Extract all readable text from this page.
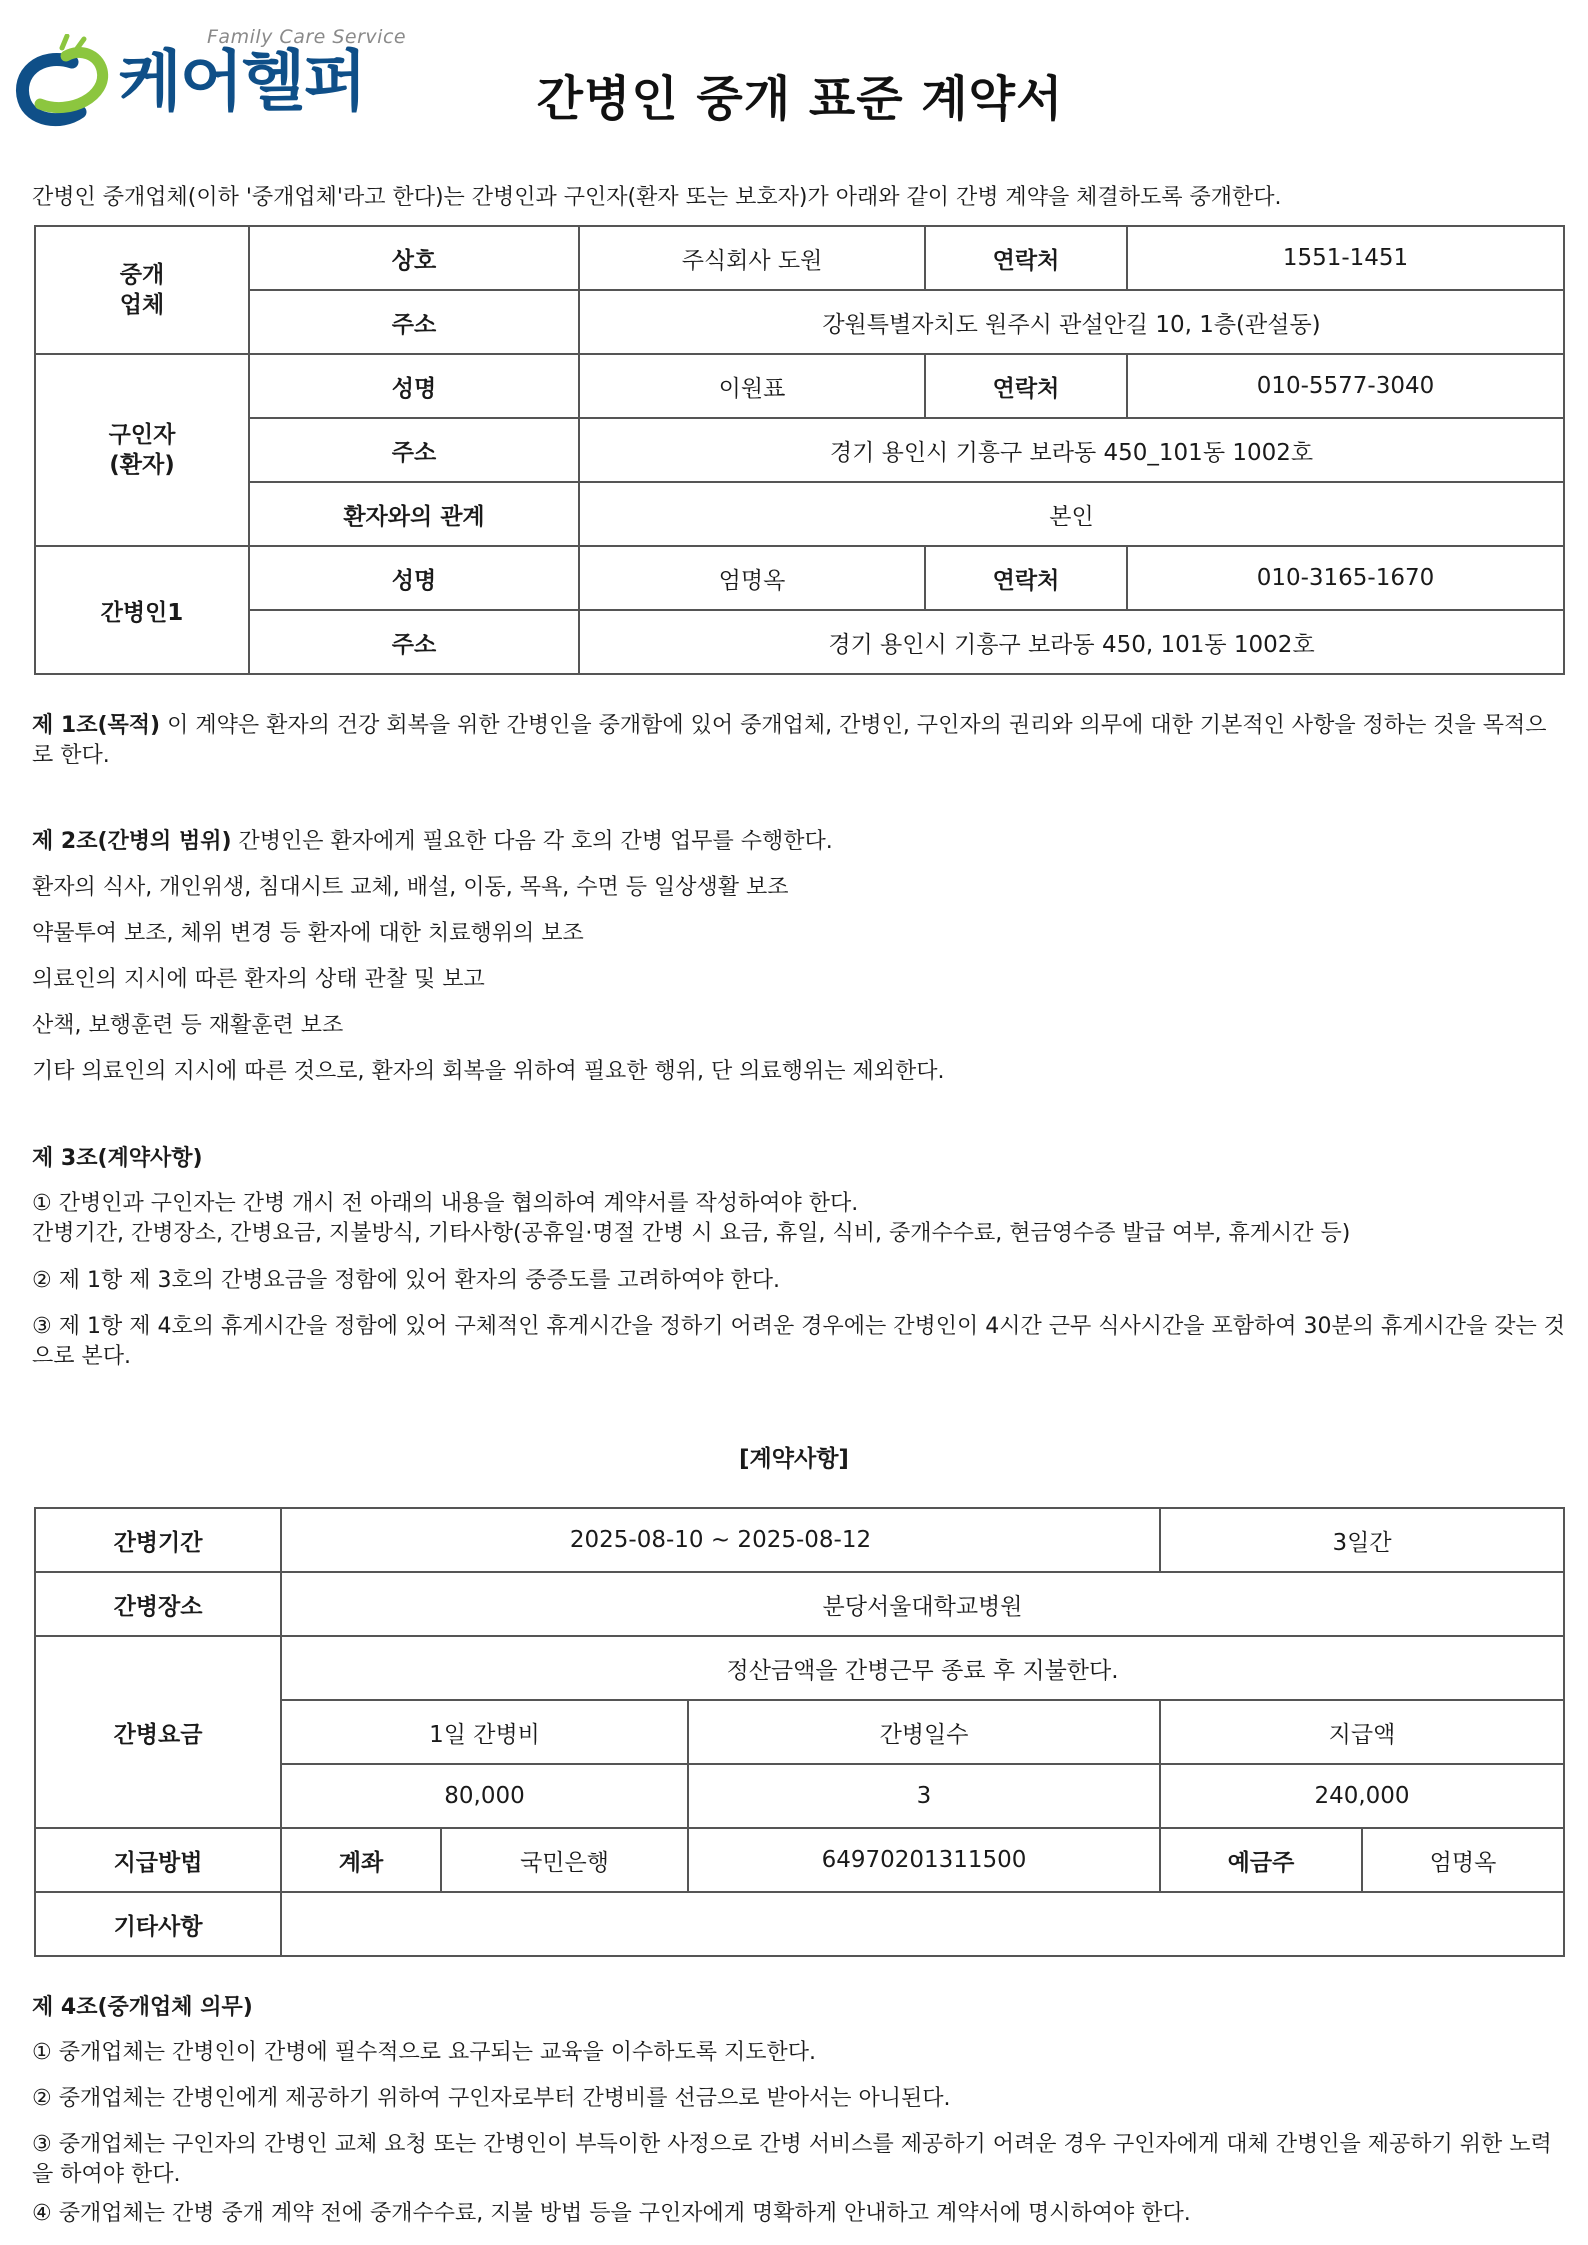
Family Care Service
케어헬퍼	간병인 중개 표준 계약서
간병인 중개업체(이하 '중개업체'라고 한다)는 간병인과 구인자(환자 또는 보호자)가 아래와 같이 간병 계약을 체결하도록 중개한다.
중개
업체	상호	주식회사 도원	연락처	1551-1451
	주소	강원특별자치도 원주시 관설안길 10, 1층(관설동)		
구인자
(환자)	성명	이원표	연락처	010-5577-3040
	주소	경기 용인시 기흥구 보라동 450_101동 1002호		
	환자와의 관계	본인		
간병인1	성명	엄명옥	연락처	010-3165-1670
	주소	경기 용인시 기흥구 보라동 450, 101동 1002호		
제 1조(목적) 이 계약은 환자의 건강 회복을 위한 간병인을 중개함에 있어 중개업체, 간병인, 구인자의 권리와 의무에 대한 기본적인 사항을 정하는 것을 목적으로 한다.
제 2조(간병의 범위) 간병인은 환자에게 필요한 다음 각 호의 간병 업무를 수행한다.
환자의 식사, 개인위생, 침대시트 교체, 배설, 이동, 목욕, 수면 등 일상생활 보조
약물투여 보조, 체위 변경 등 환자에 대한 치료행위의 보조
의료인의 지시에 따른 환자의 상태 관찰 및 보고
산책, 보행훈련 등 재활훈련 보조
기타 의료인의 지시에 따른 것으로, 환자의 회복을 위하여 필요한 행위, 단 의료행위는 제외한다.
제 3조(계약사항)
① 간병인과 구인자는 간병 개시 전 아래의 내용을 협의하여 계약서를 작성하여야 한다.
간병기간, 간병장소, 간병요금, 지불방식, 기타사항(공휴일·명절 간병 시 요금, 휴일, 식비, 중개수수료, 현금영수증 발급 여부, 휴게시간 등)
② 제 1항 제 3호의 간병요금을 정함에 있어 환자의 중증도를 고려하여야 한다.
③ 제 1항 제 4호의 휴게시간을 정함에 있어 구체적인 휴게시간을 정하기 어려운 경우에는 간병인이 4시간 근무 식사시간을 포함하여 30분의 휴게시간을 갖는 것으로 본다.
[계약사항]
간병기간	2025-08-10 ~ 2025-08-12			3일간	
간병장소	분당서울대학교병원				
간병요금	정산금액을 간병근무 종료 후 지불한다.				
	1일 간병비		간병일수	지급액	
	80,000		3	240,000	
지급방법	계좌	국민은행	64970201311500	예금주	엄명옥
기타사항					
제 4조(중개업체 의무)
① 중개업체는 간병인이 간병에 필수적으로 요구되는 교육을 이수하도록 지도한다.
② 중개업체는 간병인에게 제공하기 위하여 구인자로부터 간병비를 선금으로 받아서는 아니된다.
③ 중개업체는 구인자의 간병인 교체 요청 또는 간병인이 부득이한 사정으로 간병 서비스를 제공하기 어려운 경우 구인자에게 대체 간병인을 제공하기 위한 노력을 하여야 한다.
④ 중개업체는 간병 중개 계약 전에 중개수수료, 지불 방법 등을 구인자에게 명확하게 안내하고 계약서에 명시하여야 한다.
